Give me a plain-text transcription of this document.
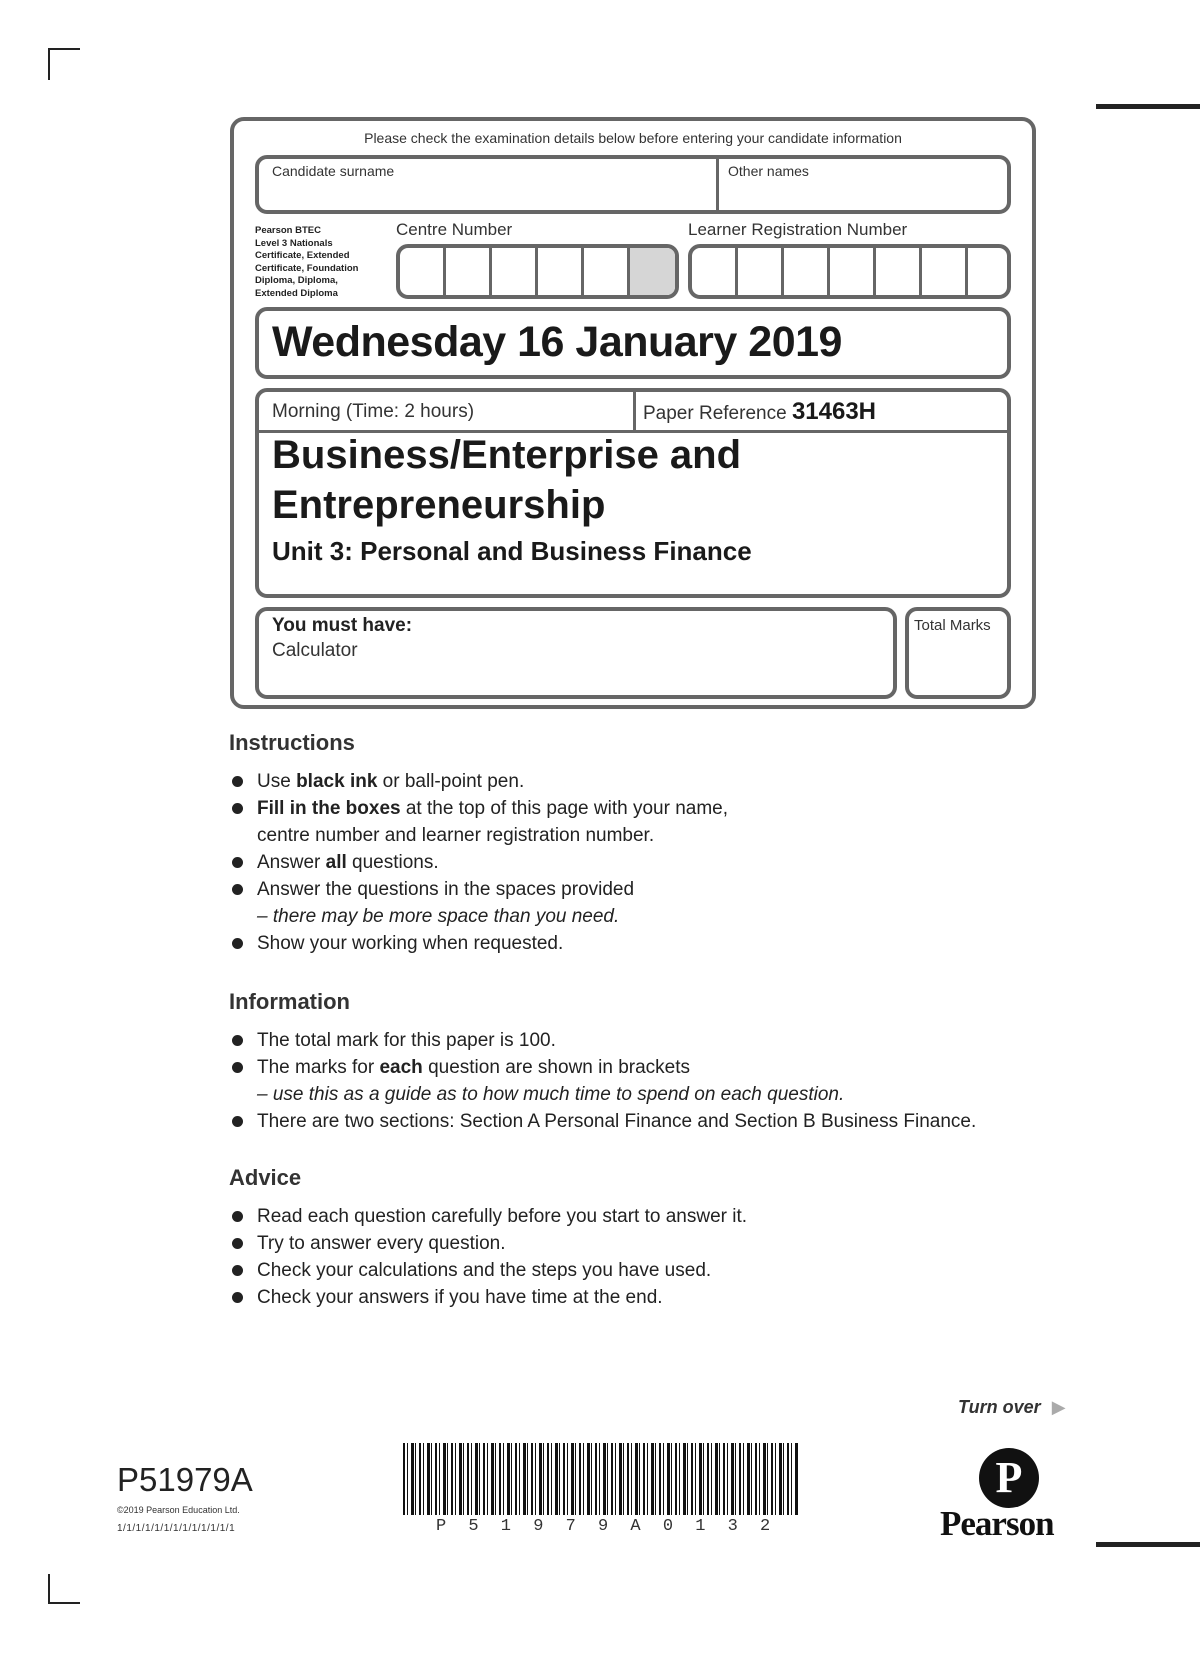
Please check the examination details below before entering your candidate information
Candidate surname	Other names
Pearson BTEC
Level 3 Nationals
Certificate, Extended
Certificate, Foundation
Diploma, Diploma,
Extended Diploma
Centre Number	Learner Registration Number
Wednesday 16 January 2019
Morning (Time: 2 hours)	Paper Reference 31463H
Business/Enterprise and
Entrepreneurship
Unit 3: Personal and Business Finance
You must have:
Calculator
Total Marks
Instructions
Use black ink or ball-point pen.
Fill in the boxes at the top of this page with your name,
centre number and learner registration number.
Answer all questions.
Answer the questions in the spaces provided
– there may be more space than you need.
Show your working when requested.
Information
The total mark for this paper is 100.
The marks for each question are shown in brackets
– use this as a guide as to how much time to spend on each question.
There are two sections: Section A Personal Finance and Section B Business Finance.
Advice
Read each question carefully before you start to answer it.
Try to answer every question.
Check your calculations and the steps you have used.
Check your answers if you have time at the end.
Turn over ▶
P51979A
©2019 Pearson Education Ltd.
1/1/1/1/1/1/1/1/1/1/1/1/1	P 5 1 9 7 9 A 0 1 3 2
P
Pearson
